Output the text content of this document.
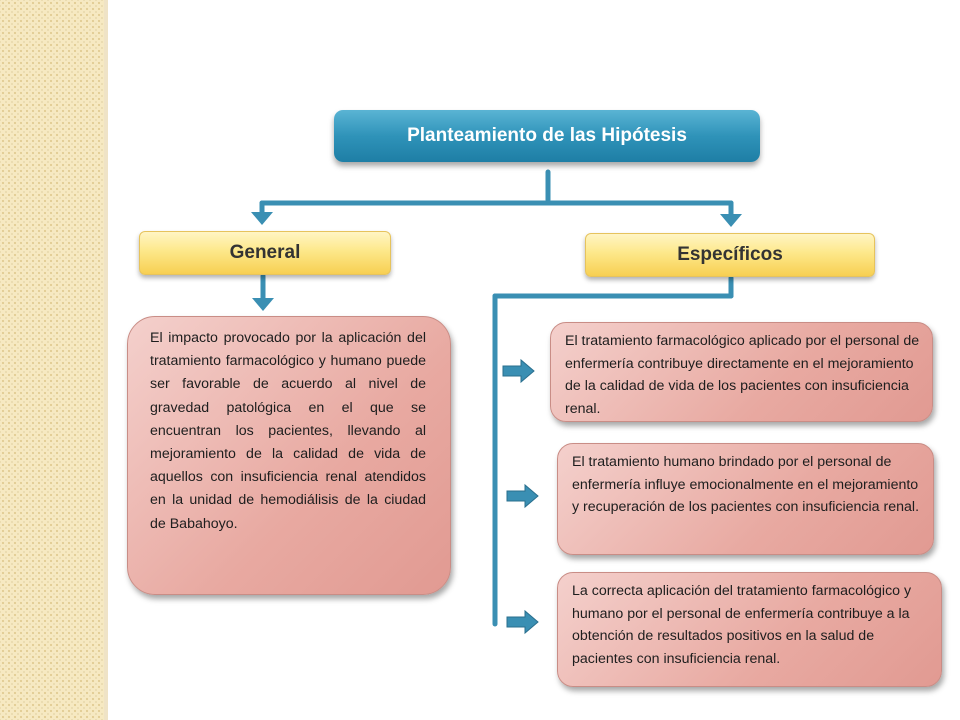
Planteamiento de las Hipótesis
General	Específicos
El impacto provocado por la aplicación del tratamiento farmacológico y humano puede ser favorable de acuerdo al nivel de gravedad patológica en el que se encuentran los pacientes, llevando al mejoramiento de la calidad de vida de aquellos con insuficiencia renal atendidos en la unidad de hemodiálisis de la ciudad de Babahoyo.
El tratamiento farmacológico aplicado por el personal de enfermería contribuye directamente en el mejoramiento de la calidad de vida de los pacientes con insuficiencia renal.
El tratamiento humano brindado por el personal de enfermería influye emocionalmente en el mejoramiento y recuperación de los pacientes con insuficiencia renal.
La correcta aplicación del tratamiento farmacológico y humano por el personal de enfermería contribuye a la obtención de resultados positivos en la salud de pacientes con insuficiencia renal.
